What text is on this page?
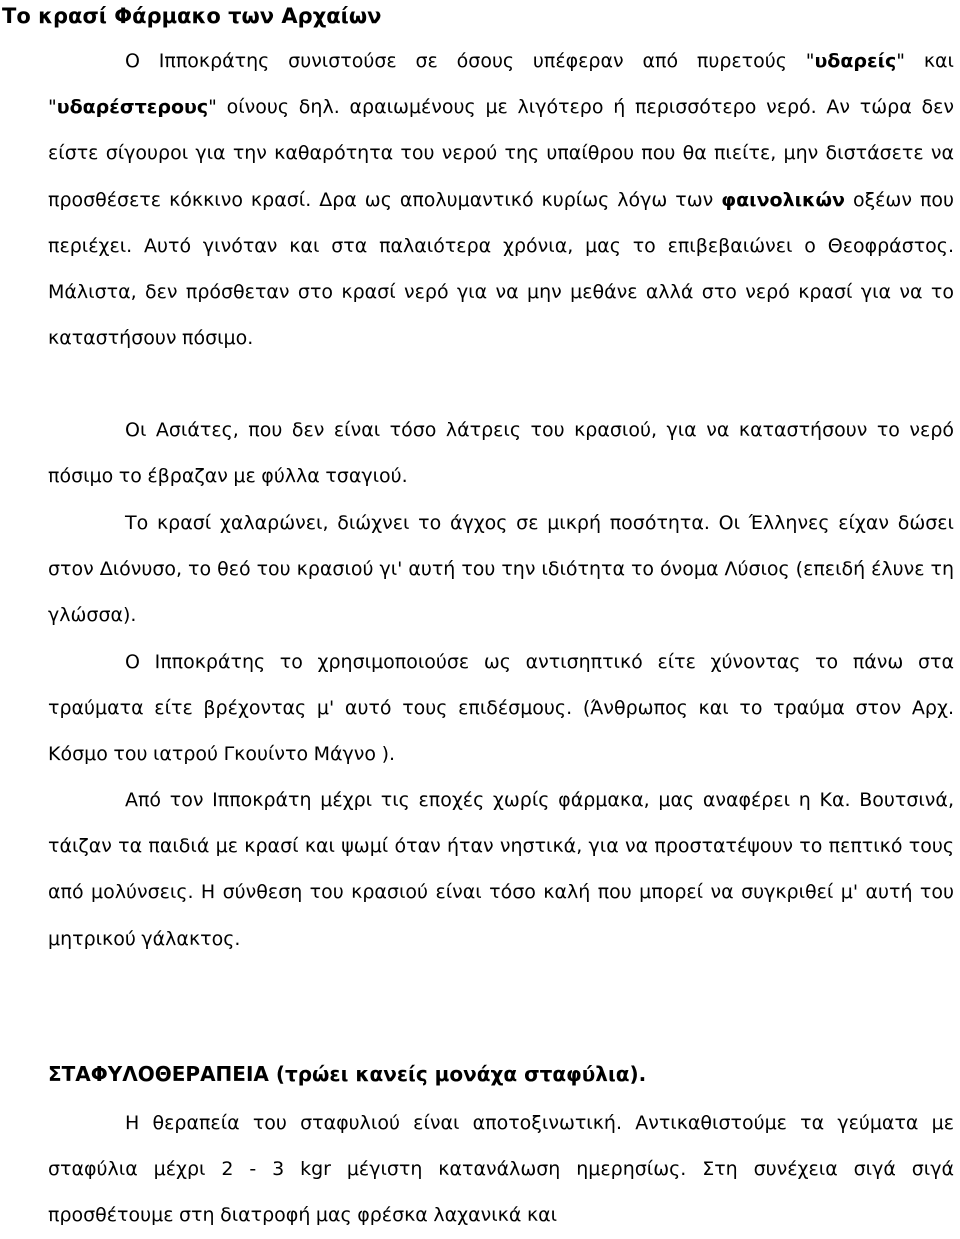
Το κρασί Φάρμακο των Αρχαίων

Ο Ιπποκράτης συνιστούσε σε όσους υπέφεραν από πυρετούς "υδαρείς" και "υδαρέστερους" οίνους δηλ. αραιωμένους με λιγότερο ή περισσότερο νερό. Αν τώρα δεν είστε σίγουροι για την καθαρότητα του νερού της υπαίθρου που θα πιείτε, μην διστάσετε να προσθέσετε κόκκινο κρασί. Δρα ως απολυμαντικό κυρίως λόγω των φαινολικών οξέων που περιέχει. Αυτό γινόταν και στα παλαιότερα χρόνια, μας το επιβεβαιώνει ο Θεοφράστος. Μάλιστα, δεν πρόσθεταν στο κρασί νερό για να μην μεθάνε αλλά στο νερό κρασί για να το καταστήσουν πόσιμο.

Οι Ασιάτες, που δεν είναι τόσο λάτρεις του κρασιού, για να καταστήσουν το νερό πόσιμο το έβραζαν με φύλλα τσαγιού.

Το κρασί χαλαρώνει, διώχνει το άγχος σε μικρή ποσότητα. Οι Έλληνες είχαν δώσει στον Διόνυσο, το θεό του κρασιού γι' αυτή του την ιδιότητα το όνομα Λύσιος (επειδή έλυνε τη γλώσσα).

Ο Ιπποκράτης το χρησιμοποιούσε ως αντισηπτικό είτε χύνοντας το πάνω στα τραύματα είτε βρέχοντας μ' αυτό τους επιδέσμους. (Άνθρωπος και το τραύμα στον Αρχ. Κόσμο του ιατρού Γκουίντο Μάγνο ).

Από τον Ιπποκράτη μέχρι τις εποχές χωρίς φάρμακα, μας αναφέρει η Κα. Βουτσινά, τάιζαν τα παιδιά με κρασί και ψωμί όταν ήταν νηστικά, για να προστατέψουν το πεπτικό τους από μολύνσεις. Η σύνθεση του κρασιού είναι τόσο καλή που μπορεί να συγκριθεί μ' αυτή του μητρικού γάλακτος.

ΣΤΑΦΥΛΟΘΕΡΑΠΕΙΑ (τρώει κανείς μονάχα σταφύλια).

Η θεραπεία του σταφυλιού είναι αποτοξινωτική. Αντικαθιστούμε τα γεύματα με σταφύλια μέχρι 2 - 3 kgr μέγιστη κατανάλωση ημερησίως. Στη συνέχεια σιγά σιγά προσθέτουμε στη διατροφή μας φρέσκα λαχανικά και
